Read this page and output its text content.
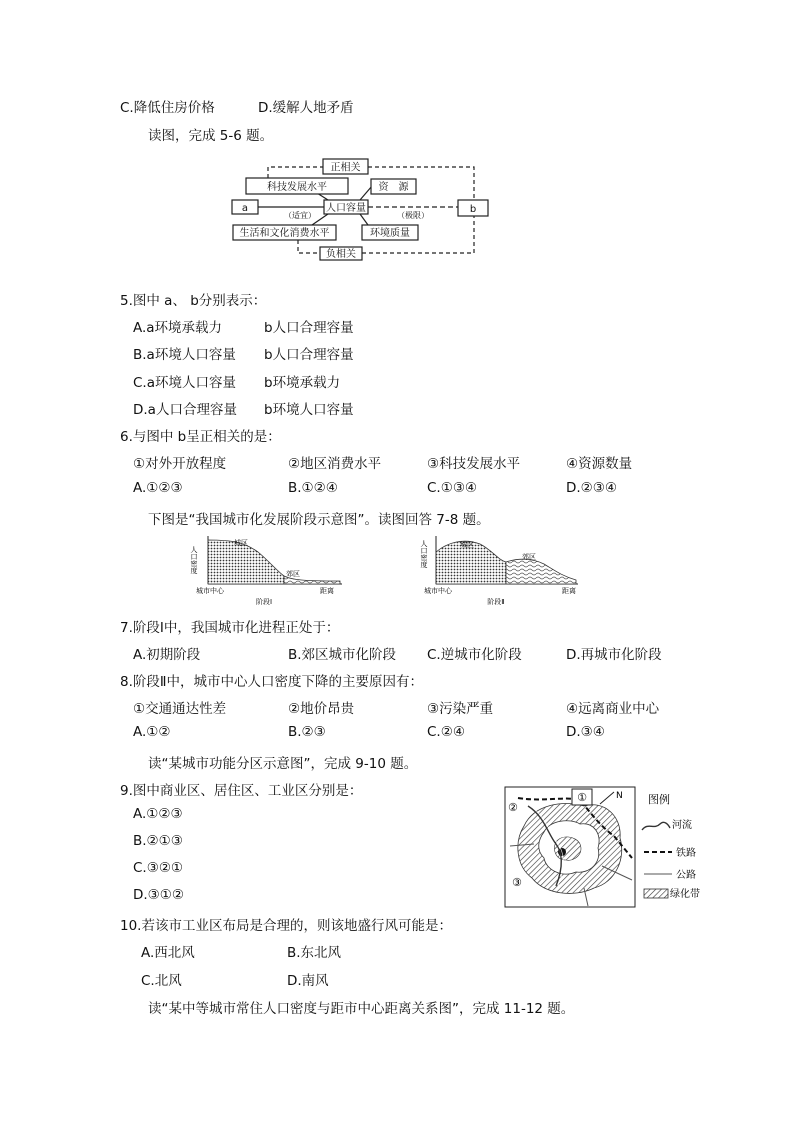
C.降低住房价格	D.缓解人地矛盾
读图，完成 5-6 题。
正相关
科技发展水平	资　源
a	b
人口容量
（适宜）	（极限）
生活和文化消费水平	环境质量
负相关
5.图中 a、 b分别表示：
A.a环境承载力	b人口合理容量
B.a环境人口容量 b人口合理容量
C.a环境人口容量 b环境承载力
D.a人口合理容量 b环境人口容量
6.与图中 b呈正相关的是：
①对外开放程度	②地区消费水平	③科技发展水平	④资源数量
A.①②③	B.①②④	C.①③④	D.②③④
下图是“我国城市化发展阶段示意图”。读图回答 7-8 题。
人口密度
城区
郊区
城市中心	距离
阶段Ⅰ
人口密度	城区
郊区
城市中心	距离
阶段Ⅱ
7.阶段Ⅰ中，我国城市化进程正处于：
A.初期阶段	B.郊区城市化阶段 C.逆城市化阶段	D.再城市化阶段
8.阶段Ⅱ中，城市中心人口密度下降的主要原因有：
①交通通达性差	②地价昂贵	③污染严重	④远离商业中心
A.①②	B.②③	C.②④	D.③④
读“某城市功能分区示意图”，完成 9-10 题。
9.图中商业区、居住区、工业区分别是：
A.①②③
B.②①③
C.③②①
D.③①②
①
②
③
N 图例
河流
铁路
公路
绿化带
10.若该市工业区布局是合理的，则该地盛行风可能是：
A.西北风	B.东北风
C.北风	D.南风
读“某中等城市常住人口密度与距市中心距离关系图”，完成 11-12 题。
